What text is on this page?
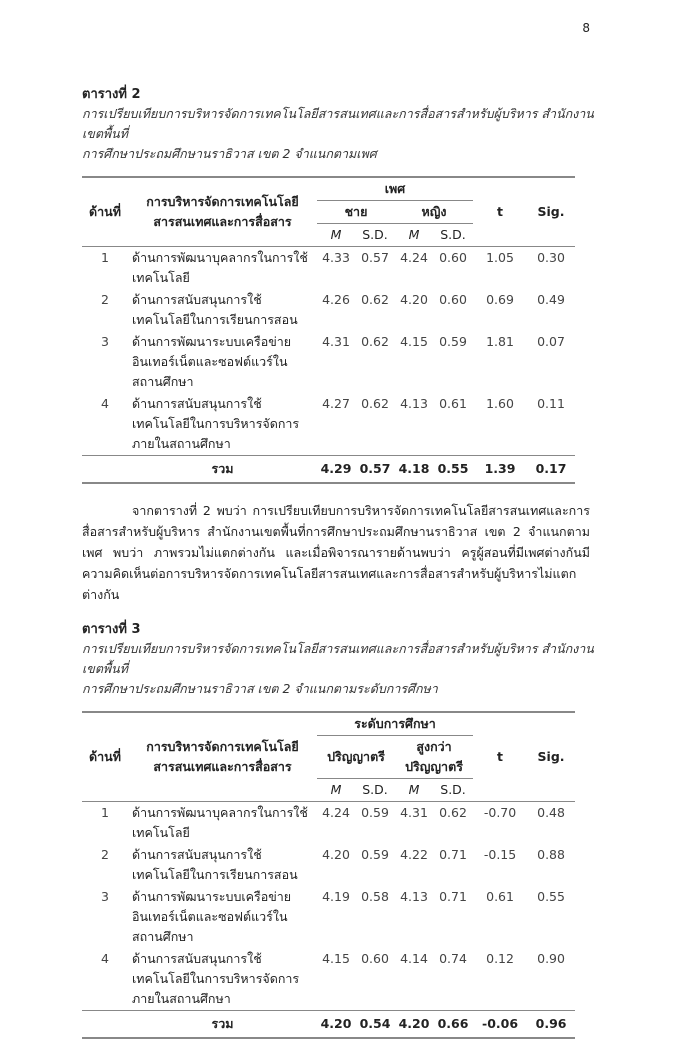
8
ตารางที่ 2
การเปรียบเทียบการบริหารจัดการเทคโนโลยีสารสนเทศและการสื่อสารสำหรับผู้บริหาร สำนักงานเขตพื้นที่
การศึกษาประถมศึกษานราธิวาส เขต 2 จำแนกตามเพศ
ด้านที่	การบริหารจัดการเทคโนโลยีสารสนเทศและการสื่อสาร	เพศ				t	Sig.
		ชาย		หญิง			
		M	S.D.	M	S.D.		
1	ด้านการพัฒนาบุคลากรในการใช้เทคโนโลยี	4.33	0.57	4.24	0.60	1.05	0.30
2	ด้านการสนับสนุนการใช้เทคโนโลยีในการเรียนการสอน	4.26	0.62	4.20	0.60	0.69	0.49
3	ด้านการพัฒนาระบบเครือข่ายอินเทอร์เน็ตและซอฟต์แวร์ในสถานศึกษา	4.31	0.62	4.15	0.59	1.81	0.07
4	ด้านการสนับสนุนการใช้เทคโนโลยีในการบริหารจัดการภายในสถานศึกษา	4.27	0.62	4.13	0.61	1.60	0.11
	รวม	4.29	0.57	4.18	0.55	1.39	0.17
จากตารางที่ 2 พบว่า การเปรียบเทียบการบริหารจัดการเทคโนโลยีสารสนเทศและการสื่อสารสำหรับผู้บริหาร สำนักงานเขตพื้นที่การศึกษาประถมศึกษานราธิวาส เขต 2 จำแนกตามเพศ พบว่า ภาพรวมไม่แตกต่างกัน และเมื่อพิจารณารายด้านพบว่า ครูผู้สอนที่มีเพศต่างกันมีความคิดเห็นต่อการบริหารจัดการเทคโนโลยีสารสนเทศและการสื่อสารสำหรับผู้บริหารไม่แตกต่างกัน
ตารางที่ 3
การเปรียบเทียบการบริหารจัดการเทคโนโลยีสารสนเทศและการสื่อสารสำหรับผู้บริหาร สำนักงานเขตพื้นที่
การศึกษาประถมศึกษานราธิวาส เขต 2 จำแนกตามระดับการศึกษา
ด้านที่	การบริหารจัดการเทคโนโลยีสารสนเทศและการสื่อสาร	ระดับการศึกษา				t	Sig.
		ปริญญาตรี		สูงกว่าปริญญาตรี			
		M	S.D.	M	S.D.		
1	ด้านการพัฒนาบุคลากรในการใช้เทคโนโลยี	4.24	0.59	4.31	0.62	-0.70	0.48
2	ด้านการสนับสนุนการใช้เทคโนโลยีในการเรียนการสอน	4.20	0.59	4.22	0.71	-0.15	0.88
3	ด้านการพัฒนาระบบเครือข่ายอินเทอร์เน็ตและซอฟต์แวร์ในสถานศึกษา	4.19	0.58	4.13	0.71	0.61	0.55
4	ด้านการสนับสนุนการใช้เทคโนโลยีในการบริหารจัดการภายในสถานศึกษา	4.15	0.60	4.14	0.74	0.12	0.90
	รวม	4.20	0.54	4.20	0.66	-0.06	0.96
